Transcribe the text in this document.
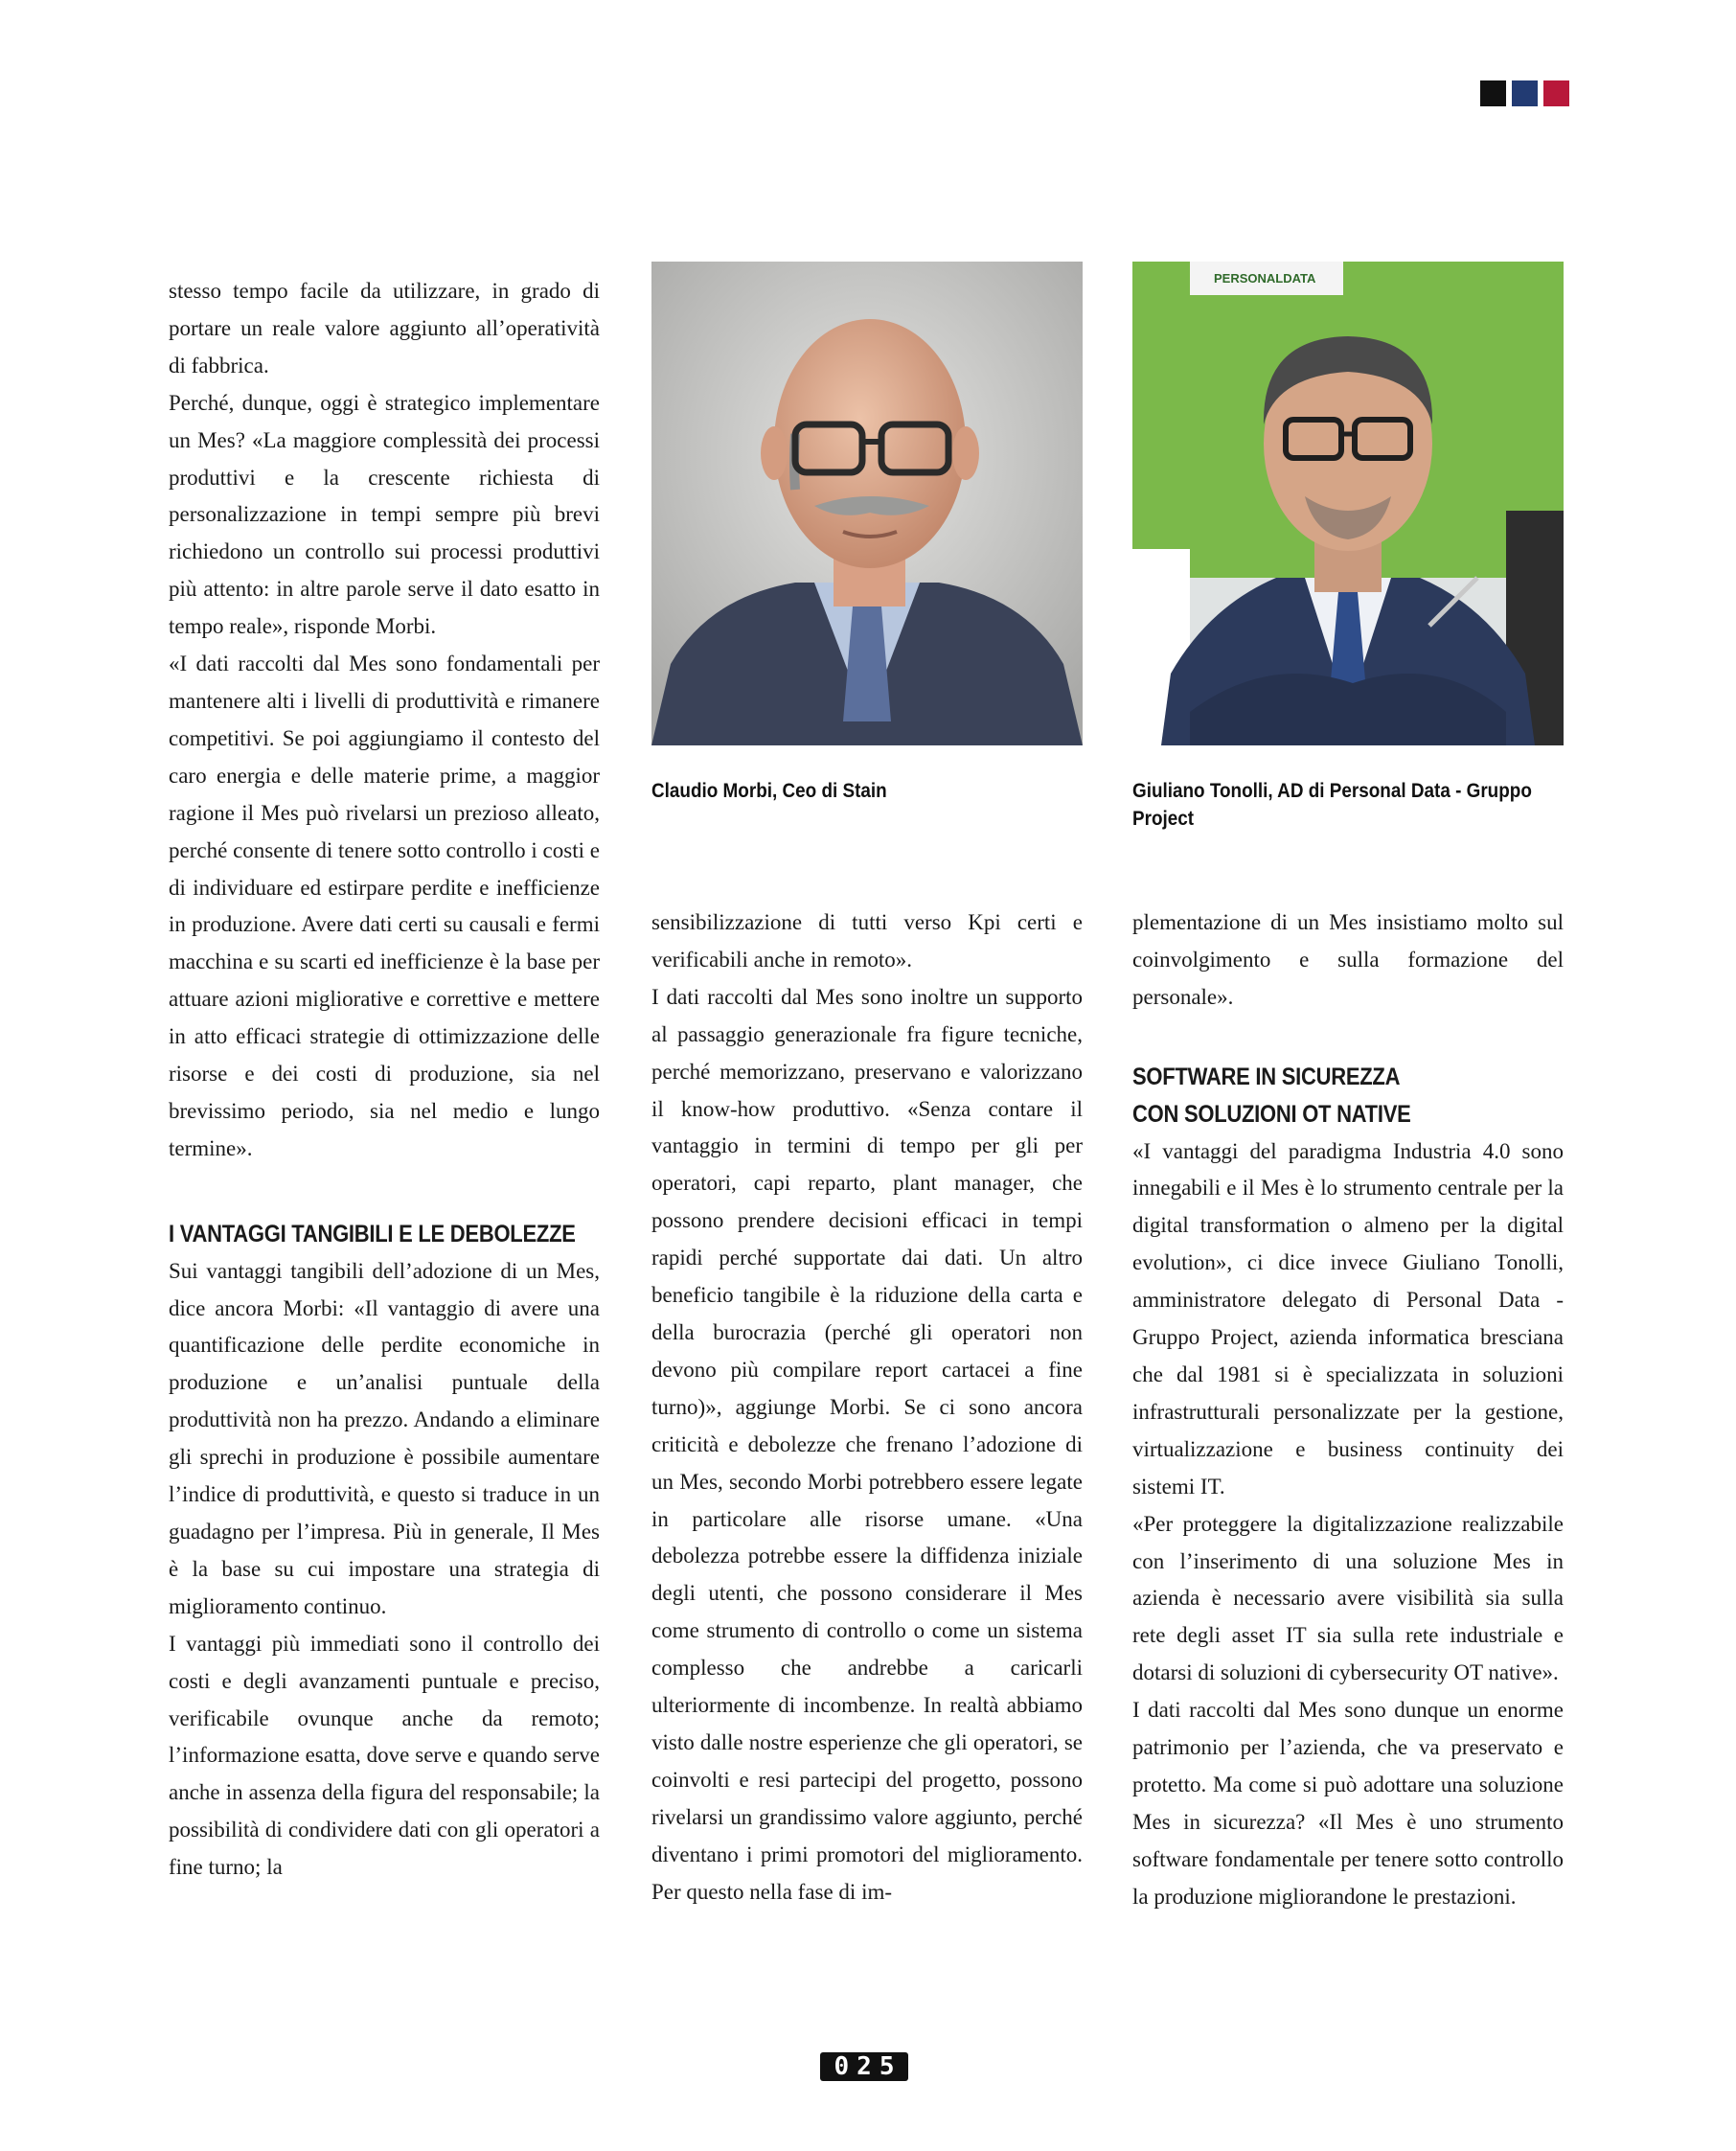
stesso tempo facile da utilizzare, in grado di portare un reale valore aggiunto all’operatività di fabbrica.

Perché, dunque, oggi è strategico implementare un Mes? «La maggiore complessità dei processi produttivi e la crescente richiesta di personalizzazione in tempi sempre più brevi richiedono un controllo sui processi produttivi più attento: in altre parole serve il dato esatto in tempo reale», risponde Morbi.

«I dati raccolti dal Mes sono fondamentali per mantenere alti i livelli di produttività e rimanere competitivi. Se poi aggiungiamo il contesto del caro energia e delle materie prime, a maggior ragione il Mes può rivelarsi un prezioso alleato, perché consente di tenere sotto controllo i costi e di individuare ed estirpare perdite e inefficienze in produzione. Avere dati certi su causali e fermi macchina e su scarti ed inefficienze è la base per attuare azioni migliorative e correttive e mettere in atto efficaci strategie di ottimizzazione delle risorse e dei costi di produzione, sia nel brevissimo periodo, sia nel medio e lungo termine».

I VANTAGGI TANGIBILI E LE DEBOLEZZE

Sui vantaggi tangibili dell’adozione di un Mes, dice ancora Morbi: «Il vantaggio di avere una quantificazione delle perdite economiche in produzione e un’analisi puntuale della produttività non ha prezzo. Andando a eliminare gli sprechi in produzione è possibile aumentare l’indice di produttività, e questo si traduce in un guadagno per l’impresa. Più in generale, Il Mes è la base su cui impostare una strategia di miglioramento continuo.

I vantaggi più immediati sono il controllo dei costi e degli avanzamenti puntuale e preciso, verificabile ovunque anche da remoto; l’informazione esatta, dove serve e quando serve anche in assenza della figura del responsabile; la possibilità di condividere dati con gli operatori a fine turno; la

Claudio Morbi, Ceo di Stain
PERSONALDATA
Giuliano Tonolli, AD di Personal Data - Gruppo Project

sensibilizzazione di tutti verso Kpi certi e verificabili anche in remoto».

I dati raccolti dal Mes sono inoltre un supporto al passaggio generazionale fra figure tecniche, perché memorizzano, preservano e valorizzano il know-how produttivo. «Senza contare il vantaggio in termini di tempo per gli per operatori, capi reparto, plant manager, che possono prendere decisioni efficaci in tempi rapidi perché supportate dai dati. Un altro beneficio tangibile è la riduzione della carta e della burocrazia (perché gli operatori non devono più compilare report cartacei a fine turno)», aggiunge Morbi. Se ci sono ancora criticità e debolezze che frenano l’adozione di un Mes, secondo Morbi potrebbero essere legate in particolare alle risorse umane. «Una debolezza potrebbe essere la diffidenza iniziale degli utenti, che possono considerare il Mes come strumento di controllo o come un sistema complesso che andrebbe a caricarli ulteriormente di incombenze. In realtà abbiamo visto dalle nostre esperienze che gli operatori, se coinvolti e resi partecipi del progetto, possono rivelarsi un grandissimo valore aggiunto, perché diventano i primi promotori del miglioramento. Per questo nella fase di im-

plementazione di un Mes insistiamo molto sul coinvolgimento e sulla formazione del personale».

SOFTWARE IN SICUREZZA
CON SOLUZIONI OT NATIVE

«I vantaggi del paradigma Industria 4.0 sono innegabili e il Mes è lo strumento centrale per la digital transformation o almeno per la digital evolution», ci dice invece Giuliano Tonolli, amministratore delegato di Personal Data - Gruppo Project, azienda informatica bresciana che dal 1981 si è specializzata in soluzioni infrastrutturali personalizzate per la gestione, virtualizzazione e business continuity dei sistemi IT.

«Per proteggere la digitalizzazione realizzabile con l’inserimento di una soluzione Mes in azienda è necessario avere visibilità sia sulla rete degli asset IT sia sulla rete industriale e dotarsi di soluzioni di cybersecurity OT native».

I dati raccolti dal Mes sono dunque un enorme patrimonio per l’azienda, che va preservato e protetto. Ma come si può adottare una soluzione Mes in sicurezza? «Il Mes è uno strumento software fondamentale per tenere sotto controllo la produzione migliorandone le prestazioni.

025
